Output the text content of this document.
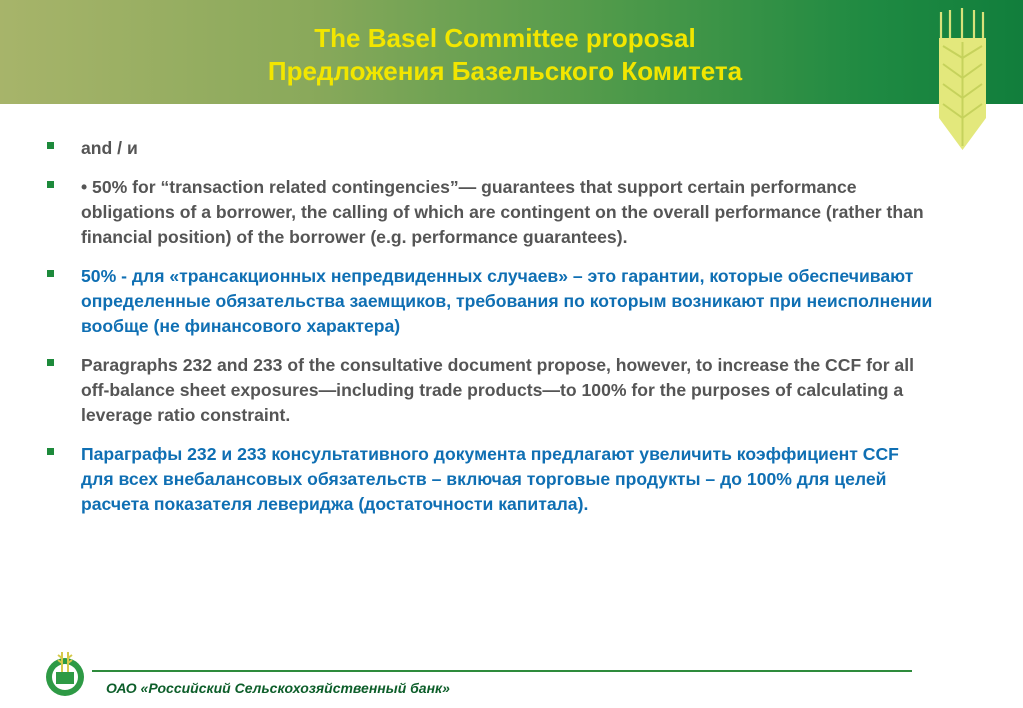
The Basel Committee proposal
Предложения Базельского Комитета
and / и
• 50% for “transaction related contingencies”— guarantees that support certain performance obligations of a borrower, the calling of which are contingent on the overall performance (rather than financial position) of the borrower (e.g. performance guarantees).
50% - для «трансакционных непредвиденных случаев» – это гарантии, которые обеспечивают определенные обязательства заемщиков, требования по которым возникают при неисполнении вообще (не финансового характера)
Paragraphs 232 and 233 of the consultative document propose, however, to increase the CCF for all off-balance sheet exposures—including trade products—to 100% for the purposes of calculating a leverage ratio constraint.
Параграфы 232 и 233 консультативного документа предлагают увеличить коэффициент CCF для всех внебалансовых обязательств – включая торговые продукты – до 100% для целей расчета показателя левериджа (достаточности капитала).
ОАО «Российский Сельскохозяйственный банк»
